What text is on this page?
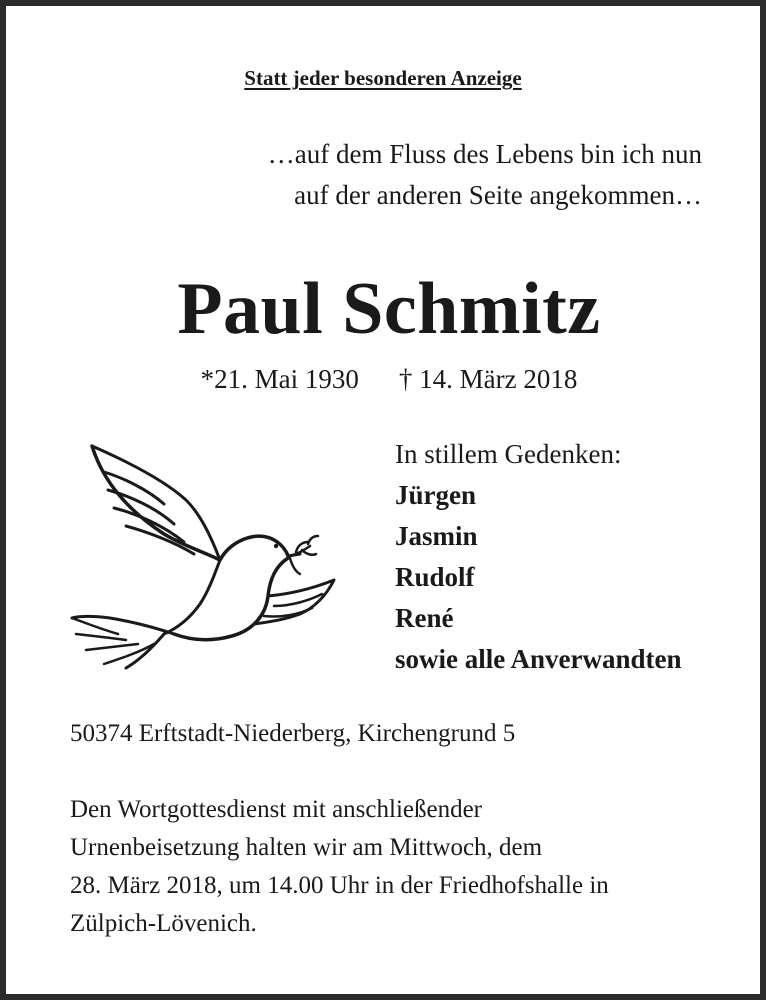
Statt jeder besonderen Anzeige
…auf dem Fluss des Lebens bin ich nun
auf der anderen Seite angekommen…
Paul Schmitz
*21. Mai 1930 † 14. März 2018
In stillem Gedenken:
Jürgen
Jasmin
Rudolf
René
sowie alle Anverwandten
50374 Erftstadt-Niederberg, Kirchengrund 5
Den Wortgottesdienst mit anschließender
Urnenbeisetzung halten wir am Mittwoch, dem
28. März 2018, um 14.00 Uhr in der Friedhofshalle in
Zülpich-Lövenich.
